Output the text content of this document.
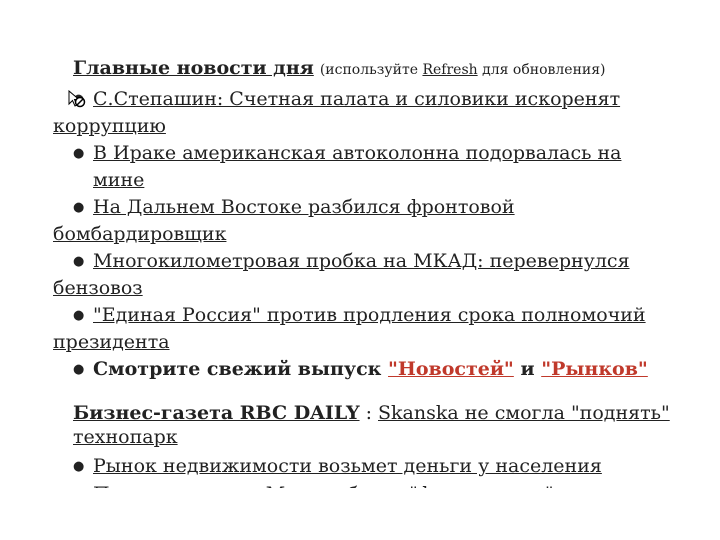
Главные новости дня (используйте Refresh для обновления)
С.Степашин: Счетная палата и силовики искоренят
коррупцию
● В Ираке американская автоколонна подорвалась на мине
● На Дальнем Востоке разбился фронтовой
бомбардировщик
● Многокилометровая пробка на МКАД: перевернулся
бензовоз
● "Единая Россия" против продления срока полномочий
президента
● Смотрите свежий выпуск "Новостей" и "Рынков"
Бизнес-газета RBC DAILY : Skanska не смогла "поднять"
технопарк
● Рынок недвижимости возьмет деньги у населения
